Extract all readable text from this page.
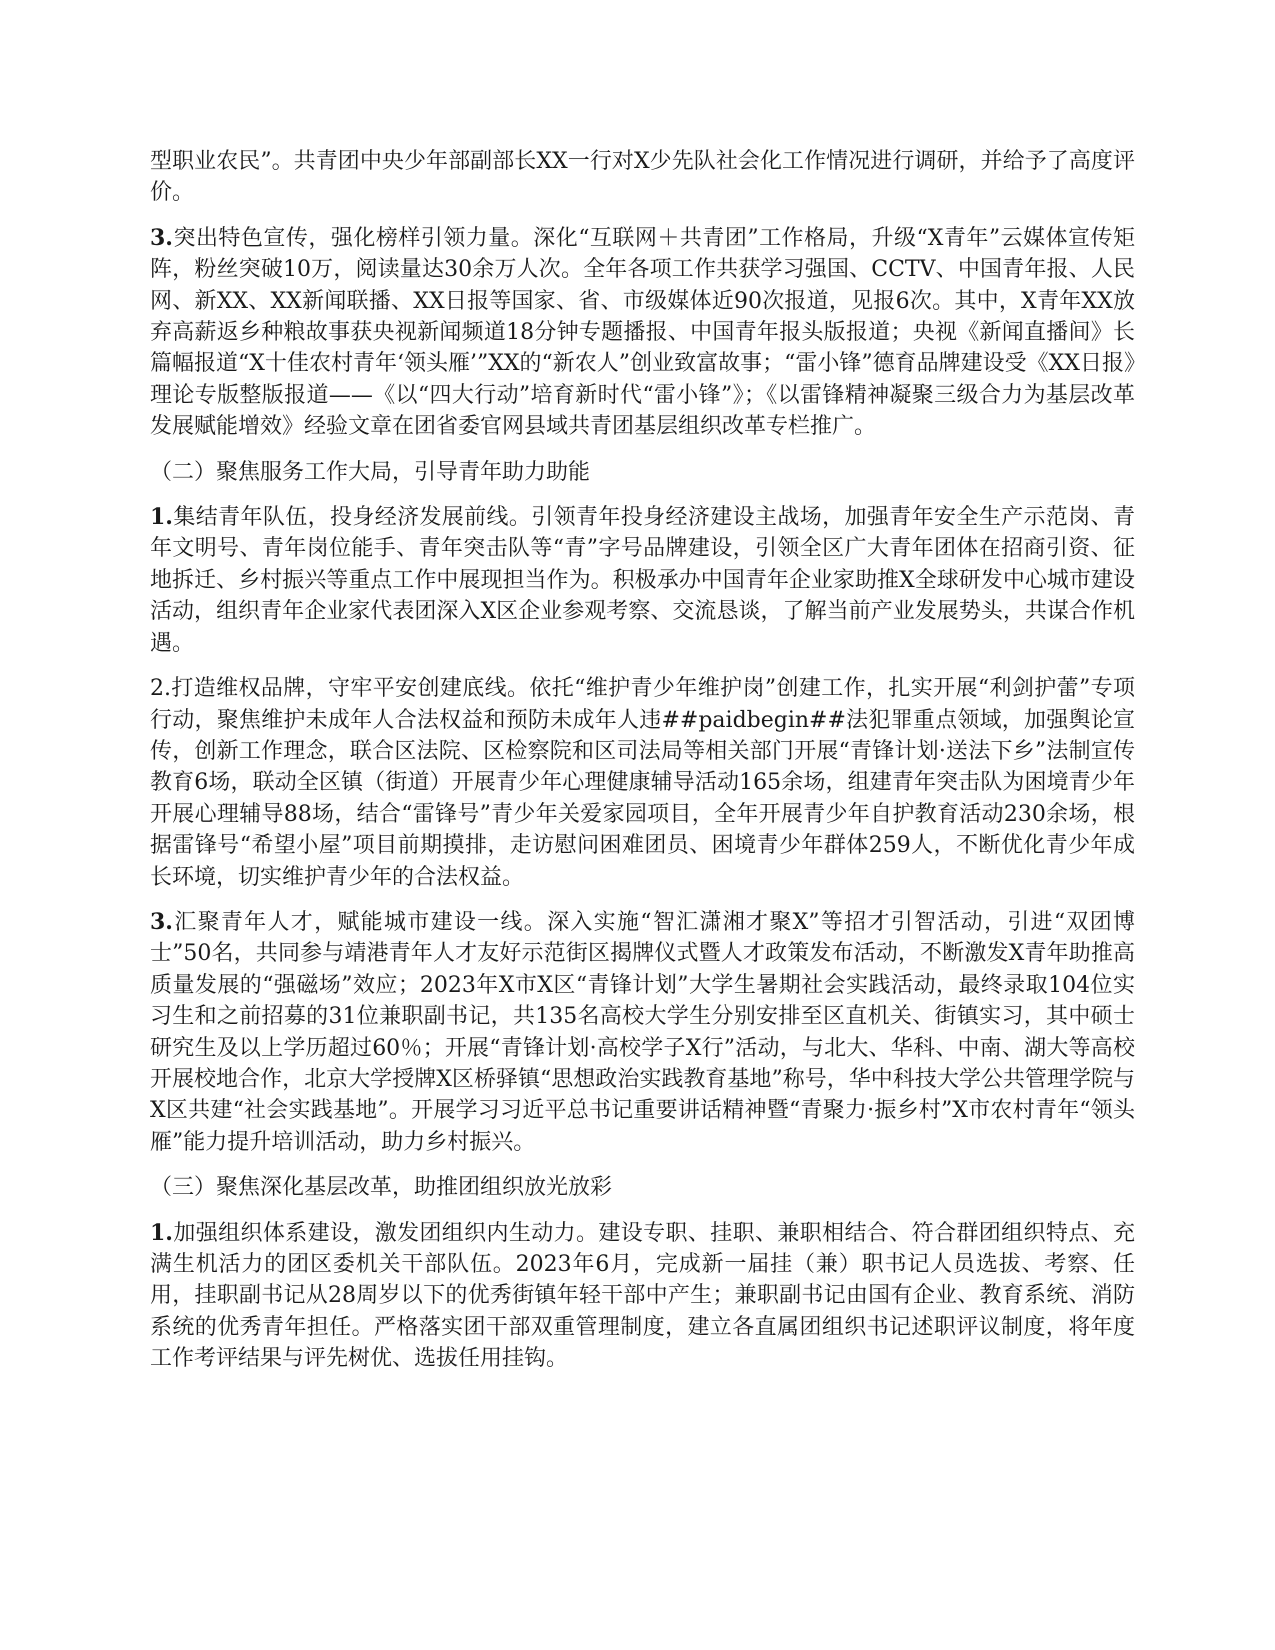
型职业农民”。共青团中央少年部副部长XX一行对X少先队社会化工作情况进行调研，并给予了高度评价。

3.突出特色宣传，强化榜样引领力量。深化“互联网＋共青团”工作格局，升级“X青年”云媒体宣传矩阵，粉丝突破10万，阅读量达30余万人次。全年各项工作共获学习强国、CCTV、中国青年报、人民网、新XX、XX新闻联播、XX日报等国家、省、市级媒体近90次报道，见报6次。其中，X青年XX放弃高薪返乡种粮故事获央视新闻频道18分钟专题播报、中国青年报头版报道；央视《新闻直播间》长篇幅报道“X十佳农村青年‘领头雁’”XX的“新农人”创业致富故事；“雷小锋”德育品牌建设受《XX日报》理论专版整版报道——《以“四大行动”培育新时代“雷小锋”》；《以雷锋精神凝聚三级合力为基层改革发展赋能增效》经验文章在团省委官网县域共青团基层组织改革专栏推广。

（二）聚焦服务工作大局，引导青年助力助能

1.集结青年队伍，投身经济发展前线。引领青年投身经济建设主战场，加强青年安全生产示范岗、青年文明号、青年岗位能手、青年突击队等“青”字号品牌建设，引领全区广大青年团体在招商引资、征地拆迁、乡村振兴等重点工作中展现担当作为。积极承办中国青年企业家助推X全球研发中心城市建设活动，组织青年企业家代表团深入X区企业参观考察、交流恳谈，了解当前产业发展势头，共谋合作机遇。

2.打造维权品牌，守牢平安创建底线。依托“维护青少年维护岗”创建工作，扎实开展“利剑护蕾”专项行动，聚焦维护未成年人合法权益和预防未成年人违##paidbegin##法犯罪重点领域，加强舆论宣传，创新工作理念，联合区法院、区检察院和区司法局等相关部门开展“青锋计划·送法下乡”法制宣传教育6场，联动全区镇（街道）开展青少年心理健康辅导活动165余场，组建青年突击队为困境青少年开展心理辅导88场，结合“雷锋号”青少年关爱家园项目，全年开展青少年自护教育活动230余场，根据雷锋号“希望小屋”项目前期摸排，走访慰问困难团员、困境青少年群体259人，不断优化青少年成长环境，切实维护青少年的合法权益。

3.汇聚青年人才，赋能城市建设一线。深入实施“智汇潇湘才聚X”等招才引智活动，引进“双团博士”50名，共同参与靖港青年人才友好示范街区揭牌仪式暨人才政策发布活动，不断激发X青年助推高质量发展的“强磁场”效应；2023年X市X区“青锋计划”大学生暑期社会实践活动，最终录取104位实习生和之前招募的31位兼职副书记，共135名高校大学生分别安排至区直机关、街镇实习，其中硕士研究生及以上学历超过60％；开展“青锋计划·高校学子X行”活动，与北大、华科、中南、湖大等高校开展校地合作，北京大学授牌X区桥驿镇“思想政治实践教育基地”称号，华中科技大学公共管理学院与X区共建“社会实践基地”。开展学习习近平总书记重要讲话精神暨“青聚力·振乡村”X市农村青年“领头雁”能力提升培训活动，助力乡村振兴。

（三）聚焦深化基层改革，助推团组织放光放彩

1.加强组织体系建设，激发团组织内生动力。建设专职、挂职、兼职相结合、符合群团组织特点、充满生机活力的团区委机关干部队伍。2023年6月，完成新一届挂（兼）职书记人员选拔、考察、任用，挂职副书记从28周岁以下的优秀街镇年轻干部中产生；兼职副书记由国有企业、教育系统、消防系统的优秀青年担任。严格落实团干部双重管理制度，建立各直属团组织书记述职评议制度，将年度工作考评结果与评先树优、选拔任用挂钩。
